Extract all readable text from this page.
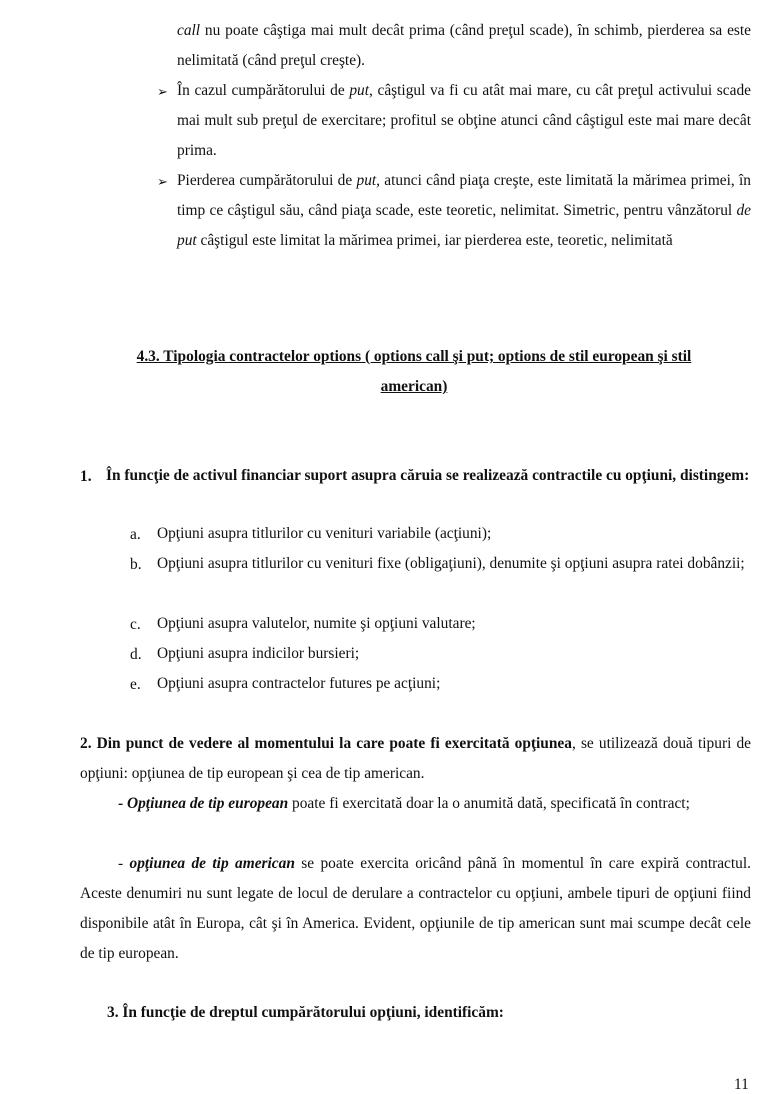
call nu poate câştiga mai mult decât prima (când preţul scade), în schimb, pierderea sa este nelimitată (când preţul creşte).
➢ În cazul cumpărătorului de put, câştigul va fi cu atât mai mare, cu cât preţul activului scade mai mult sub preţul de exercitare; profitul se obţine atunci când câştigul este mai mare decât prima.
➢ Pierderea cumpărătorului de put, atunci când piaţa creşte, este limitată la mărimea primei, în timp ce câştigul său, când piaţa scade, este teoretic, nelimitat. Simetric, pentru vânzătorul de put câştigul este limitat la mărimea primei, iar pierderea este, teoretic, nelimitată
4.3. Tipologia contractelor options ( options call şi put; options de stil european şi stil
american)
1. În funcţie de activul financiar suport asupra căruia se realizează contractile cu opţiuni, distingem:
a. Opţiuni asupra titlurilor cu venituri variabile (acţiuni);
b. Opţiuni asupra titlurilor cu venituri fixe (obligaţiuni), denumite şi opţiuni asupra ratei dobânzii;
c. Opţiuni asupra valutelor, numite şi opţiuni valutare;
d. Opţiuni asupra indicilor bursieri;
e. Opţiuni asupra contractelor futures pe acţiuni;
2. Din punct de vedere al momentului la care poate fi exercitată opţiunea, se utilizează două tipuri de opţiuni: opţiunea de tip european şi cea de tip american.
- Opţiunea de tip european poate fi exercitată doar la o anumită dată, specificată în contract;
- opţiunea de tip american se poate exercita oricând până în momentul în care expiră contractul. Aceste denumiri nu sunt legate de locul de derulare a contractelor cu opţiuni, ambele tipuri de opţiuni fiind disponibile atât în Europa, cât şi în America. Evident, opţiunile de tip american sunt mai scumpe decât cele de tip european.
3. În funcţie de dreptul cumpărătorului opţiuni, identificăm:
11
